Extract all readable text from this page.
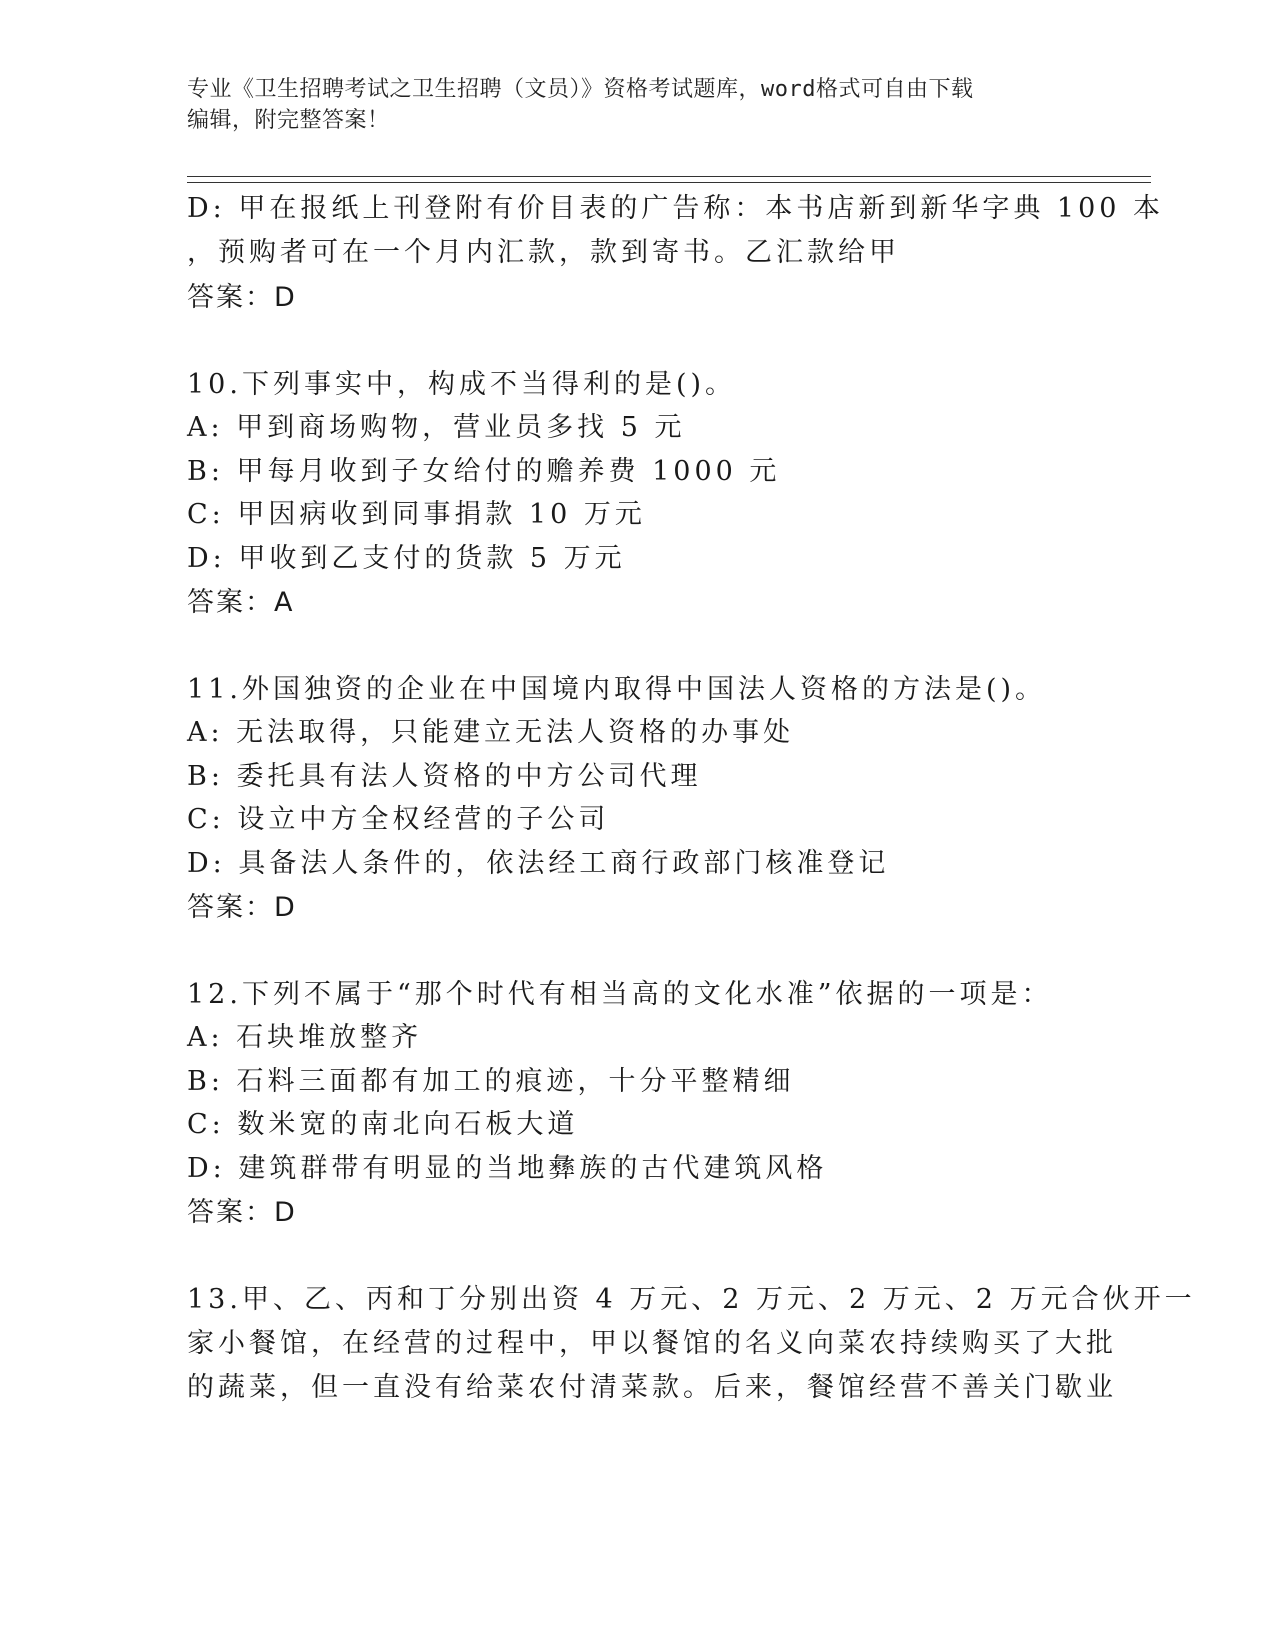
专业《卫生招聘考试之卫生招聘（文员）》资格考试题库，word格式可自由下载

编辑，附完整答案！

D: 甲在报纸上刊登附有价目表的广告称：本书店新到新华字典 100 本
，预购者可在一个月内汇款，款到寄书。乙汇款给甲
答案：D
10.下列事实中，构成不当得利的是()。
A: 甲到商场购物，营业员多找 5 元
B: 甲每月收到子女给付的赡养费 1000 元
C: 甲因病收到同事捐款 10 万元
D: 甲收到乙支付的货款 5 万元
答案：A
11.外国独资的企业在中国境内取得中国法人资格的方法是()。
A: 无法取得，只能建立无法人资格的办事处
B: 委托具有法人资格的中方公司代理
C: 设立中方全权经营的子公司
D: 具备法人条件的，依法经工商行政部门核准登记
答案：D
12.下列不属于“那个时代有相当高的文化水准”依据的一项是：
A: 石块堆放整齐
B: 石料三面都有加工的痕迹，十分平整精细
C: 数米宽的南北向石板大道
D: 建筑群带有明显的当地彝族的古代建筑风格
答案：D
13.甲、乙、丙和丁分别出资 4 万元、2 万元、2 万元、2 万元合伙开一
家小餐馆，在经营的过程中，甲以餐馆的名义向菜农持续购买了大批
的蔬菜，但一直没有给菜农付清菜款。后来，餐馆经营不善关门歇业
